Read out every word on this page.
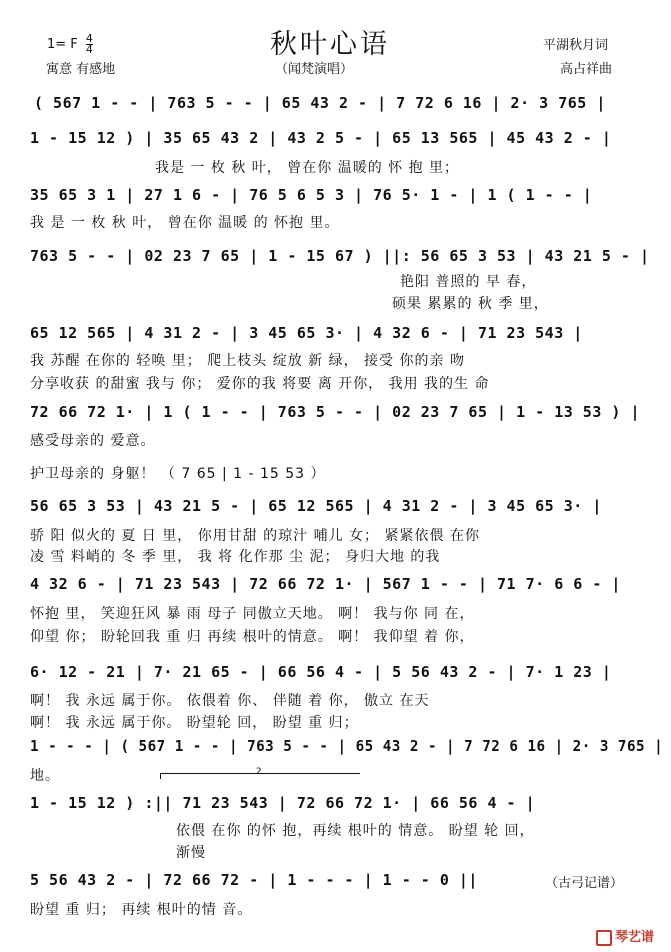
1= F $\frac{4}{4}$	秋叶心语
（闻梵演唱）
平湖秋月词
高占祥曲
寓意 有感地
( 567 1 - - | 763 5 - - | 65 43 2 - | 7 72 6 16 | 2· 3 765 |
1 - 15 12 ) | 35 65 43 2 | 43 2 5 - | 65 13 565 | 45 43 2 - |
我是 一 枚 秋 叶， 曾在你 温暖的 怀 抱 里；
35 65 3 1 | 27 1 6 - | 76 5 6 5 3 | 76 5· 1 - | 1 ( 1 - - |
我 是 一 枚 秋 叶， 曾在你 温暖 的 怀抱 里。
763 5 - - | 02 23 7 65 | 1 - 15 67 ) ||: 56 65 3 53 | 43 21 5 - |
艳阳 普照的 早 春，
硕果 累累的 秋 季 里，
65 12 565 | 4 31 2 - | 3 45 65 3· | 4 32 6 - | 71 23 543 |
我 苏醒 在你的 轻唤 里； 爬上枝头 绽放 新 绿， 接受 你的亲 吻
分享收获 的甜蜜 我与 你； 爱你的我 将要 离 开你， 我用 我的生 命
72 66 72 1· | 1 ( 1 - - | 763 5 - - | 02 23 7 65 | 1 - 13 53 ) |
感受母亲的 爱意。
护卫母亲的 身躯！ （ 7 65 | 1 - 15 53 ）
56 65 3 53 | 43 21 5 - | 65 12 565 | 4 31 2 - | 3 45 65 3· |
骄 阳 似火的 夏 日 里， 你用甘甜 的琼汁 哺儿 女； 紧紧依偎 在你
凌 雪 料峭的 冬 季 里， 我 将 化作那 尘 泥； 身归大地 的我
4 32 6 - | 71 23 543 | 72 66 72 1· | 567 1 - - | 71 7· 6 6 - |
怀抱 里， 笑迎狂风 暴 雨 母子 同傲立天地。 啊！ 我与你 同 在，
仰望 你； 盼轮回我 重 归 再续 根叶的情意。 啊！ 我仰望 着 你，
6· 12 - 21 | 7· 21 65 - | 66 56 4 - | 5 56 43 2 - | 7· 1 23 |
啊！ 我 永远 属于你。 依偎着 你、 伴随 着 你， 傲立 在天
啊！ 我 永远 属于你。 盼望轮 回， 盼望 重 归；
1 - - - | ( 567 1 - - | 763 5 - - | 65 43 2 - | 7 72 6 16 | 2· 3 765 |
地。	2
1 - 15 12 ) :|| 71 23 543 | 72 66 72 1· | 66 56 4 - |
依偎 在你 的怀 抱，再续 根叶的 情意。 盼望 轮 回，
渐慢
5 56 43 2 - | 72 66 72 - | 1 - - - | 1 - - 0 ||
盼望 重 归； 再续 根叶的情 音。
（古弓记谱）
琴艺谱
